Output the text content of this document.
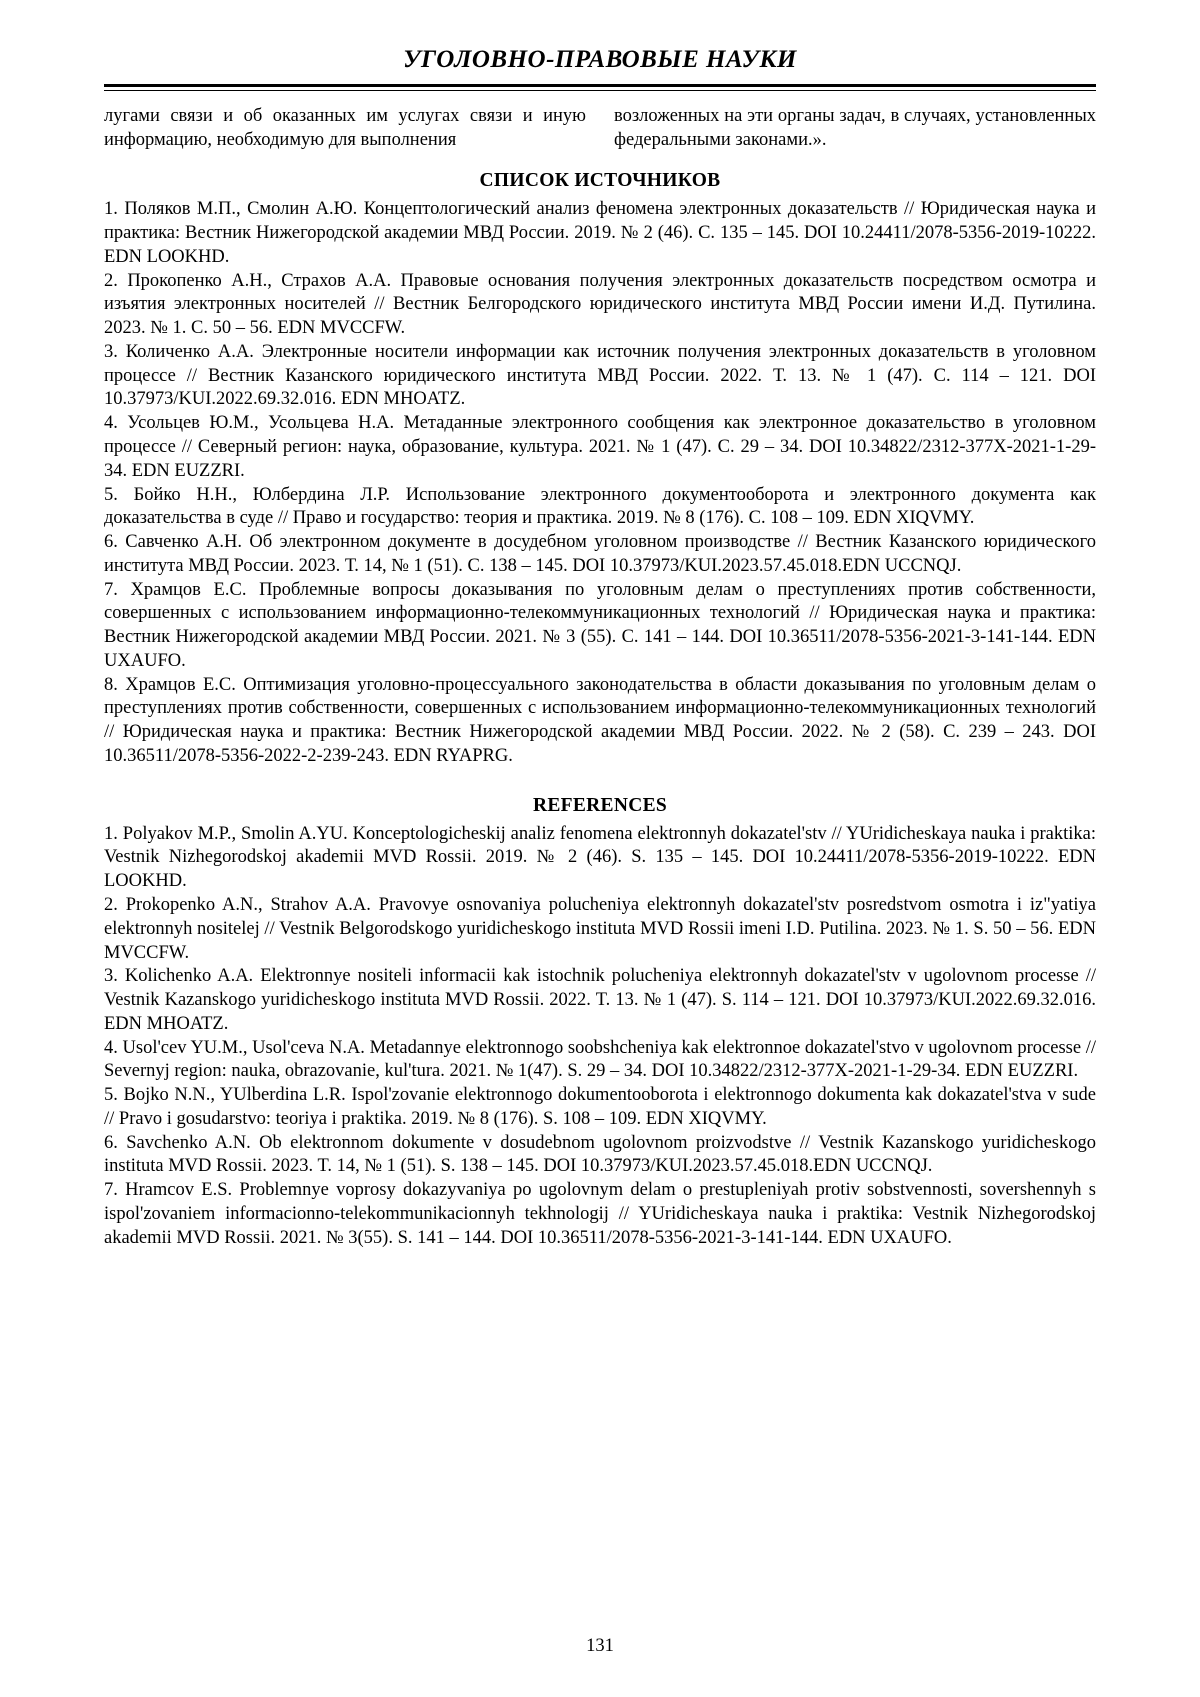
УГОЛОВНО-ПРАВОВЫЕ НАУКИ
лугами связи и об оказанных им услугах связи и иную информацию, необходимую для выполнения
возложенных на эти органы задач, в случаях, установленных федеральными законами.».
СПИСОК ИСТОЧНИКОВ

1. Поляков М.П., Смолин А.Ю. Концептологический анализ феномена электронных доказательств // Юридическая наука и практика: Вестник Нижегородской академии МВД России. 2019. № 2 (46). С. 135 – 145. DOI 10.24411/2078-5356-2019-10222. EDN LOOKHD.

2. Прокопенко А.Н., Страхов А.А. Правовые основания получения электронных доказательств посредством осмотра и изъятия электронных носителей // Вестник Белгородского юридического института МВД России имени И.Д. Путилина. 2023. № 1. С. 50 – 56. EDN MVCCFW.

3. Количенко А.А. Электронные носители информации как источник получения электронных доказательств в уголовном процессе // Вестник Казанского юридического института МВД России. 2022. Т. 13. № 1 (47). С. 114 – 121. DOI 10.37973/KUI.2022.69.32.016. EDN MHOATZ.

4. Усольцев Ю.М., Усольцева Н.А. Метаданные электронного сообщения как электронное доказательство в уголовном процессе // Северный регион: наука, образование, культура. 2021. № 1 (47). С. 29 – 34. DOI 10.34822/2312-377X-2021-1-29-34. EDN EUZZRI.

5. Бойко Н.Н., Юлбердина Л.Р. Использование электронного документооборота и электронного документа как доказательства в суде // Право и государство: теория и практика. 2019. № 8 (176). С. 108 – 109. EDN XIQVMY.

6. Савченко А.Н. Об электронном документе в досудебном уголовном производстве // Вестник Казанского юридического института МВД России. 2023. Т. 14, № 1 (51). С. 138 – 145. DOI 10.37973/KUI.2023.57.45.018.EDN UCCNQJ.

7. Храмцов Е.С. Проблемные вопросы доказывания по уголовным делам о преступлениях против собственности, совершенных с использованием информационно-телекоммуникационных технологий // Юридическая наука и практика: Вестник Нижегородской академии МВД России. 2021. № 3 (55). С. 141 – 144. DOI 10.36511/2078-5356-2021-3-141-144. EDN UXAUFO.

8. Храмцов Е.С. Оптимизация уголовно-процессуального законодательства в области доказывания по уголовным делам о преступлениях против собственности, совершенных с использованием информационно-телекоммуникационных технологий // Юридическая наука и практика: Вестник Нижегородской академии МВД России. 2022. № 2 (58). С. 239 – 243. DOI 10.36511/2078-5356-2022-2-239-243. EDN RYAPRG.

REFERENCES

1. Polyakov M.P., Smolin A.YU. Konceptologicheskij analiz fenomena elektronnyh dokazatel'stv // YUridicheskaya nauka i praktika: Vestnik Nizhegorodskoj akademii MVD Rossii. 2019. № 2 (46). S. 135 – 145. DOI 10.24411/2078-5356-2019-10222. EDN LOOKHD.

2. Prokopenko A.N., Strahov A.A. Pravovye osnovaniya polucheniya elektronnyh dokazatel'stv posredstvom osmotra i iz"yatiya elektronnyh nositelej // Vestnik Belgorodskogo yuridicheskogo instituta MVD Rossii imeni I.D. Putilina. 2023. № 1. S. 50 – 56. EDN MVCCFW.

3. Kolichenko A.A. Elektronnye nositeli informacii kak istochnik polucheniya elektronnyh dokazatel'stv v ugolovnom processe // Vestnik Kazanskogo yuridicheskogo instituta MVD Rossii. 2022. T. 13. № 1 (47). S. 114 – 121. DOI 10.37973/KUI.2022.69.32.016. EDN MHOATZ.

4. Usol'cev YU.M., Usol'ceva N.A. Metadannye elektronnogo soobshcheniya kak elektronnoe dokazatel'stvo v ugolovnom processe // Severnyj region: nauka, obrazovanie, kul'tura. 2021. № 1(47). S. 29 – 34. DOI 10.34822/2312-377X-2021-1-29-34. EDN EUZZRI.

5. Bojko N.N., YUlberdina L.R. Ispol'zovanie elektronnogo dokumentooborota i elektronnogo dokumenta kak dokazatel'stva v sude // Pravo i gosudarstvo: teoriya i praktika. 2019. № 8 (176). S. 108 – 109. EDN XIQVMY.

6. Savchenko A.N. Ob elektronnom dokumente v dosudebnom ugolovnom proizvodstve // Vestnik Kazanskogo yuridicheskogo instituta MVD Rossii. 2023. T. 14, № 1 (51). S. 138 – 145. DOI 10.37973/KUI.2023.57.45.018.EDN UCCNQJ.

7. Hramcov E.S. Problemnye voprosy dokazyvaniya po ugolovnym delam o prestupleniyah protiv sobstvennosti, sovershennyh s ispol'zovaniem informacionno-telekommunikacionnyh tekhnologij // YUridicheskaya nauka i praktika: Vestnik Nizhegorodskoj akademii MVD Rossii. 2021. № 3(55). S. 141 – 144. DOI 10.36511/2078-5356-2021-3-141-144. EDN UXAUFO.

131
